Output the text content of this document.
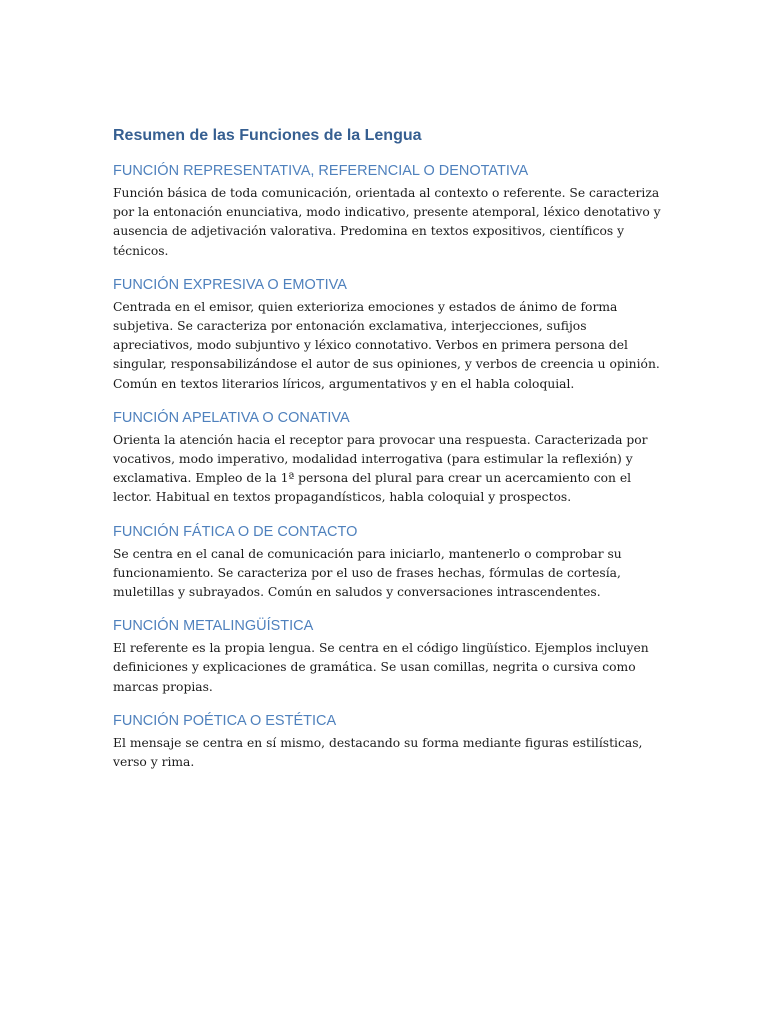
Resumen de las Funciones de la Lengua
FUNCIÓN REPRESENTATIVA, REFERENCIAL O DENOTATIVA

Función básica de toda comunicación, orientada al contexto o referente. Se caracteriza por la entonación enunciativa, modo indicativo, presente atemporal, léxico denotativo y ausencia de adjetivación valorativa. Predomina en textos expositivos, científicos y técnicos.

FUNCIÓN EXPRESIVA O EMOTIVA

Centrada en el emisor, quien exterioriza emociones y estados de ánimo de forma subjetiva. Se caracteriza por entonación exclamativa, interjecciones, sufijos apreciativos, modo subjuntivo y léxico connotativo. Verbos en primera persona del singular, responsabilizándose el autor de sus opiniones, y verbos de creencia u opinión. Común en textos literarios líricos, argumentativos y en el habla coloquial.

FUNCIÓN APELATIVA O CONATIVA

Orienta la atención hacia el receptor para provocar una respuesta. Caracterizada por vocativos, modo imperativo, modalidad interrogativa (para estimular la reflexión) y exclamativa. Empleo de la 1ª persona del plural para crear un acercamiento con el lector. Habitual en textos propagandísticos, habla coloquial y prospectos.

FUNCIÓN FÁTICA O DE CONTACTO

Se centra en el canal de comunicación para iniciarlo, mantenerlo o comprobar su funcionamiento. Se caracteriza por el uso de frases hechas, fórmulas de cortesía, muletillas y subrayados. Común en saludos y conversaciones intrascendentes.

FUNCIÓN METALINGÜÍSTICA

El referente es la propia lengua. Se centra en el código lingüístico. Ejemplos incluyen definiciones y explicaciones de gramática. Se usan comillas, negrita o cursiva como marcas propias.

FUNCIÓN POÉTICA O ESTÉTICA

El mensaje se centra en sí mismo, destacando su forma mediante figuras estilísticas, verso y rima.
